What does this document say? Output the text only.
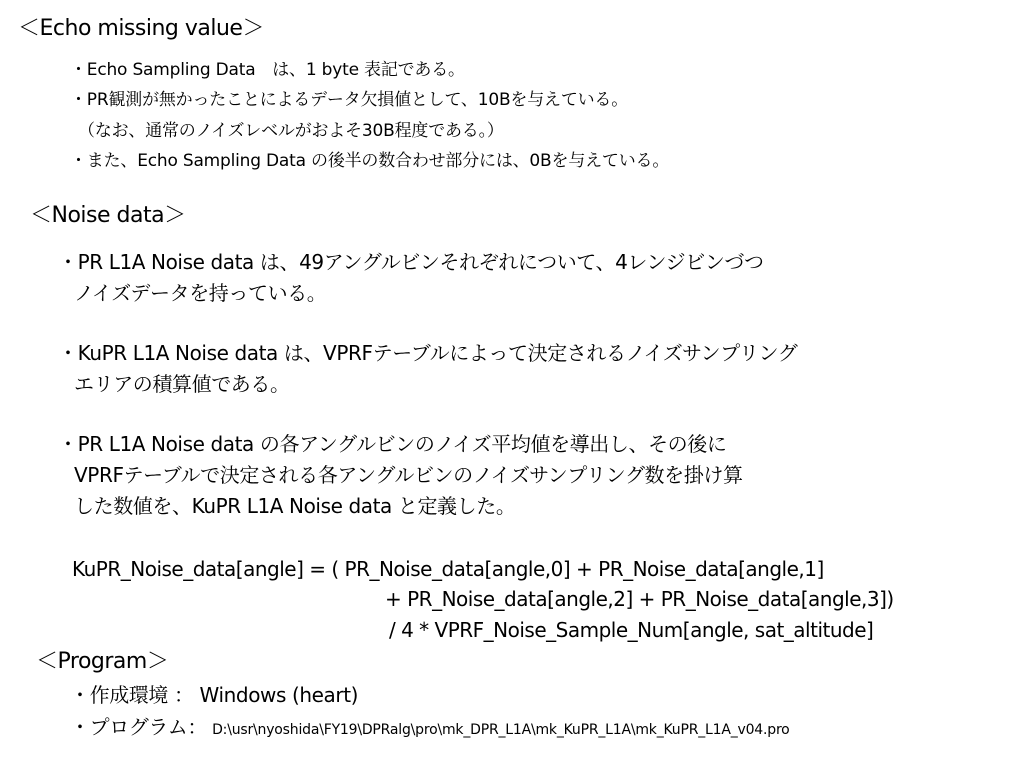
＜Echo missing value＞
・Echo Sampling Data　は、1 byte 表記である。
・PR観測が無かったことによるデータ欠損値として、10Bを与えている。
（なお、通常のノイズレベルがおよそ30B程度である。）
・また、Echo Sampling Data の後半の数合わせ部分には、0Bを与えている。
＜Noise data＞
・PR L1A Noise data は、49アングルビンそれぞれについて、4レンジビンづつ
ノイズデータを持っている。
・KuPR L1A Noise data は、VPRFテーブルによって決定されるノイズサンプリング
エリアの積算値である。
・PR L1A Noise data の各アングルビンのノイズ平均値を導出し、その後に
VPRFテーブルで決定される各アングルビンのノイズサンプリング数を掛け算
した数値を、KuPR L1A Noise data と定義した。
KuPR_Noise_data[angle] = ( PR_Noise_data[angle,0] + PR_Noise_data[angle,1]
+ PR_Noise_data[angle,2] + PR_Noise_data[angle,3])
/ 4 * VPRF_Noise_Sample_Num[angle, sat_altitude]
＜Program＞
・作成環境 ： Windows (heart)
・プログラム： D:\usr\nyoshida\FY19\DPRalg\pro\mk_DPR_L1A\mk_KuPR_L1A\mk_KuPR_L1A_v04.pro
